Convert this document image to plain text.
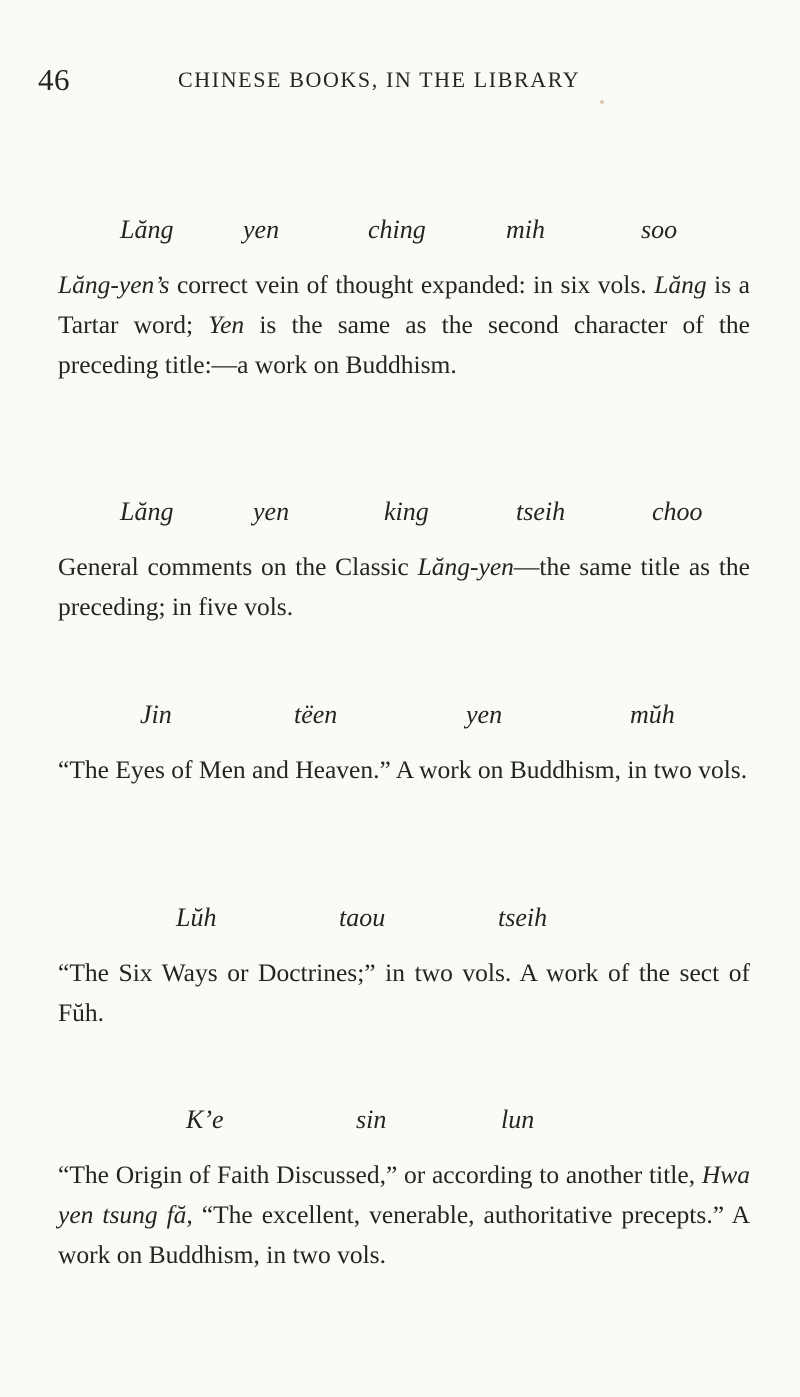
46	CHINESE BOOKS, IN THE LIBRARY
Lăng	yen	ching	mih	soo

Lăng-yen’s correct vein of thought expanded: in six vols. Lăng is a Tartar word; Yen is the same as the second character of the preceding title:—a work on Buddhism.

Lăng	yen	king	tseih	choo

General comments on the Classic Lăng-yen—the same title as the preceding; in five vols.

Jin	tëen	yen	mŭh

“The Eyes of Men and Heaven.” A work on Buddhism, in two vols.

Lŭh	taou	tseih

“The Six Ways or Doctrines;” in two vols. A work of the sect of Fŭh.

K’e	sin	lun

“The Origin of Faith Discussed,” or according to another title, Hwa yen tsung fă, “The excellent, venerable, authoritative precepts.” A work on Buddhism, in two vols.
